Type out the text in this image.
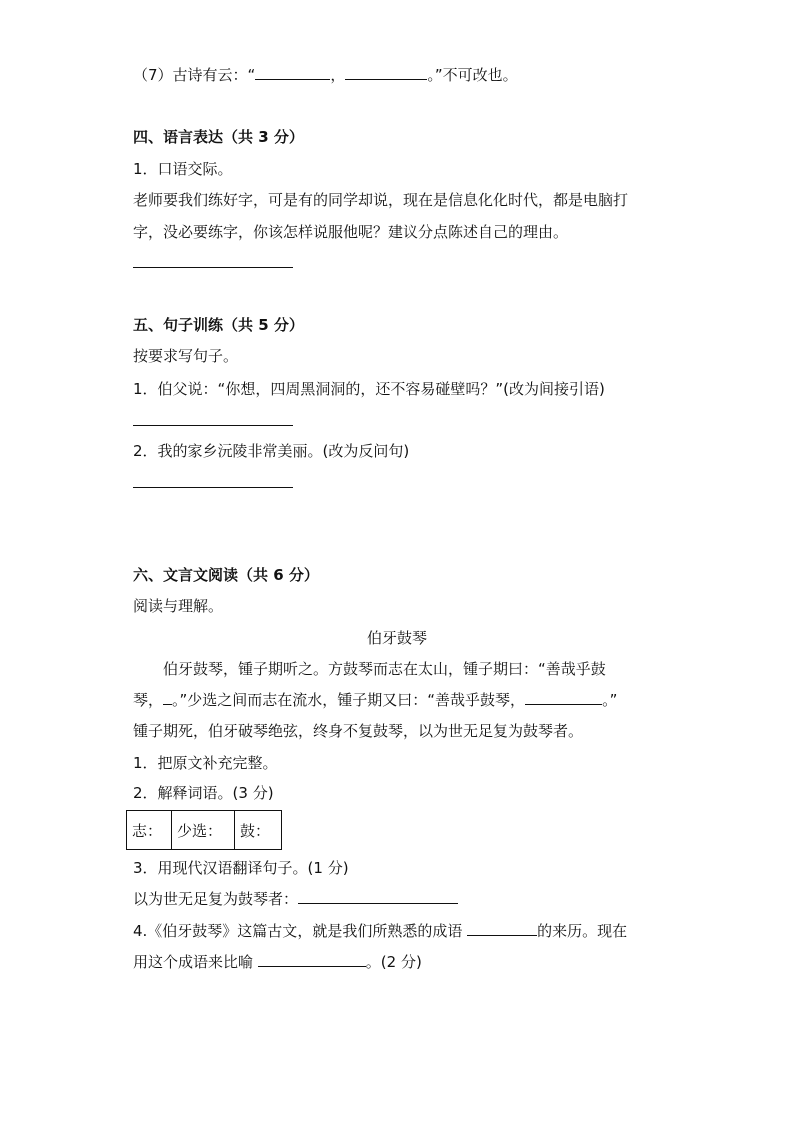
（7）古诗有云：“	，	。”不可改也。
四、语言表达（共 3 分）
1．口语交际。
老师要我们练好字，可是有的同学却说，现在是信息化化时代，都是电脑打
字，没必要练字，你该怎样说服他呢？建议分点陈述自己的理由。
五、句子训练（共 5 分）
按要求写句子。
1．伯父说：“你想，四周黑洞洞的，还不容易碰壁吗？”(改为间接引语)
2．我的家乡沅陵非常美丽。(改为反问句)
六、文言文阅读（共 6 分）
阅读与理解。
伯牙鼓琴
伯牙鼓琴，锺子期听之。方鼓琴而志在太山，锺子期曰：“善哉乎鼓
琴， 。”少选之间而志在流水，锺子期又曰：“善哉乎鼓琴，	。”
锺子期死，伯牙破琴绝弦，终身不复鼓琴，以为世无足复为鼓琴者。
1．把原文补充完整。
2．解释词语。(3 分)
志：	少选：	鼓：
3．用现代汉语翻译句子。(1 分)
以为世无足复为鼓琴者：
4.《伯牙鼓琴》这篇古文，就是我们所熟悉的成语	的来历。现在
用这个成语来比喻	。(2 分)
